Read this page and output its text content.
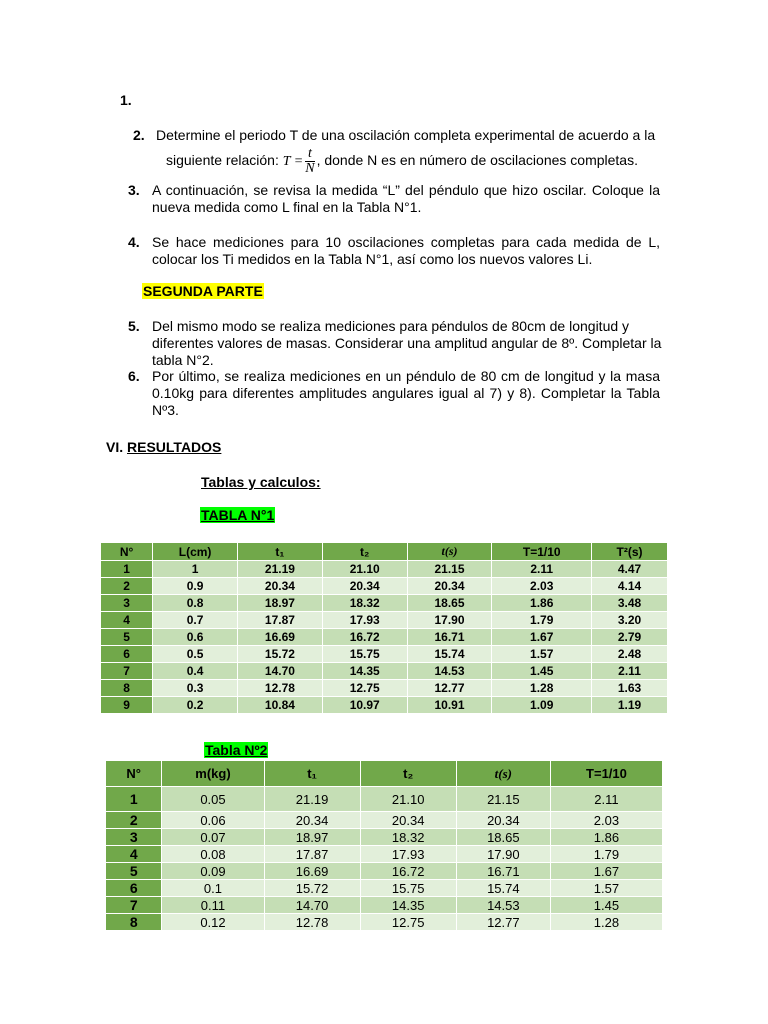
1.
2. Determine el periodo T de una oscilación completa experimental de acuerdo a la
siguiente relación: $T = \frac{t}{N}$ , donde N es en número de oscilaciones completas.
3. A continuación, se revisa la medida “L” del péndulo que hizo oscilar. Coloque la nueva medida como L final en la Tabla N°1.
4. Se hace mediciones para 10 oscilaciones completas para cada medida de L, colocar los Ti medidos en la Tabla N°1, así como los nuevos valores Li.
SEGUNDA PARTE
5. Del mismo modo se realiza mediciones para péndulos de 80cm de longitud y diferentes valores de masas. Considerar una amplitud angular de 8º. Completar la tabla N°2.
6. Por último, se realiza mediciones en un péndulo de 80 cm de longitud y la masa 0.10kg para diferentes amplitudes angulares igual al 7) y 8). Completar la Tabla Nº3.
VI. RESULTADOS
Tablas y calculos:
TABLA N°1
N°	L(cm)	t₁	t₂	t(s)	T=1/10	T²(s)
1	1	21.19	21.10	21.15	2.11	4.47
2	0.9	20.34	20.34	20.34	2.03	4.14
3	0.8	18.97	18.32	18.65	1.86	3.48
4	0.7	17.87	17.93	17.90	1.79	3.20
5	0.6	16.69	16.72	16.71	1.67	2.79
6	0.5	15.72	15.75	15.74	1.57	2.48
7	0.4	14.70	14.35	14.53	1.45	2.11
8	0.3	12.78	12.75	12.77	1.28	1.63
9	0.2	10.84	10.97	10.91	1.09	1.19
Tabla Nº2
N°	m(kg)	t₁	t₂	t(s)	T=1/10
1	0.05	21.19	21.10	21.15	2.11
2	0.06	20.34	20.34	20.34	2.03
3	0.07	18.97	18.32	18.65	1.86
4	0.08	17.87	17.93	17.90	1.79
5	0.09	16.69	16.72	16.71	1.67
6	0.1	15.72	15.75	15.74	1.57
7	0.11	14.70	14.35	14.53	1.45
8	0.12	12.78	12.75	12.77	1.28
